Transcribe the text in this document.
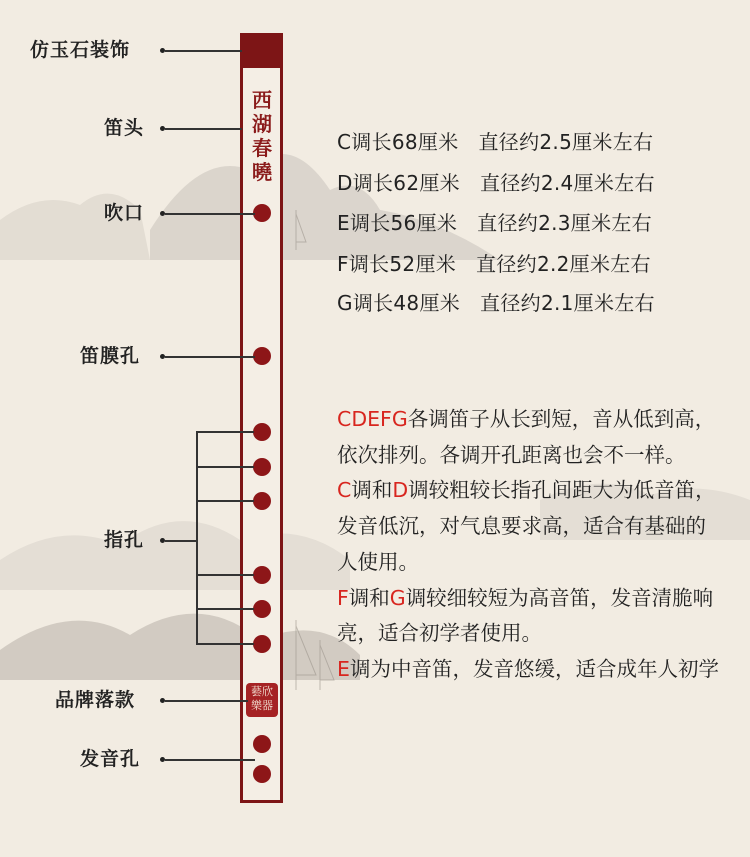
西湖春曉
藝欣樂器
仿玉石装饰
笛头
吹口
笛膜孔
指孔
品牌落款
发音孔
C调长68厘米 直径约2.5厘米左右
D调长62厘米 直径约2.4厘米左右
E调长56厘米 直径约2.3厘米左右
F调长52厘米 直径约2.2厘米左右
G调长48厘米 直径约2.1厘米左右

CDEFG各调笛子从长到短，音从低到高，依次排列。各调开孔距离也会不一样。

C调和D调较粗较长指孔间距大为低音笛，发音低沉，对气息要求高，适合有基础的人使用。

F调和G调较细较短为高音笛，发音清脆响亮，适合初学者使用。

E调为中音笛，发音悠缓，适合成年人初学
